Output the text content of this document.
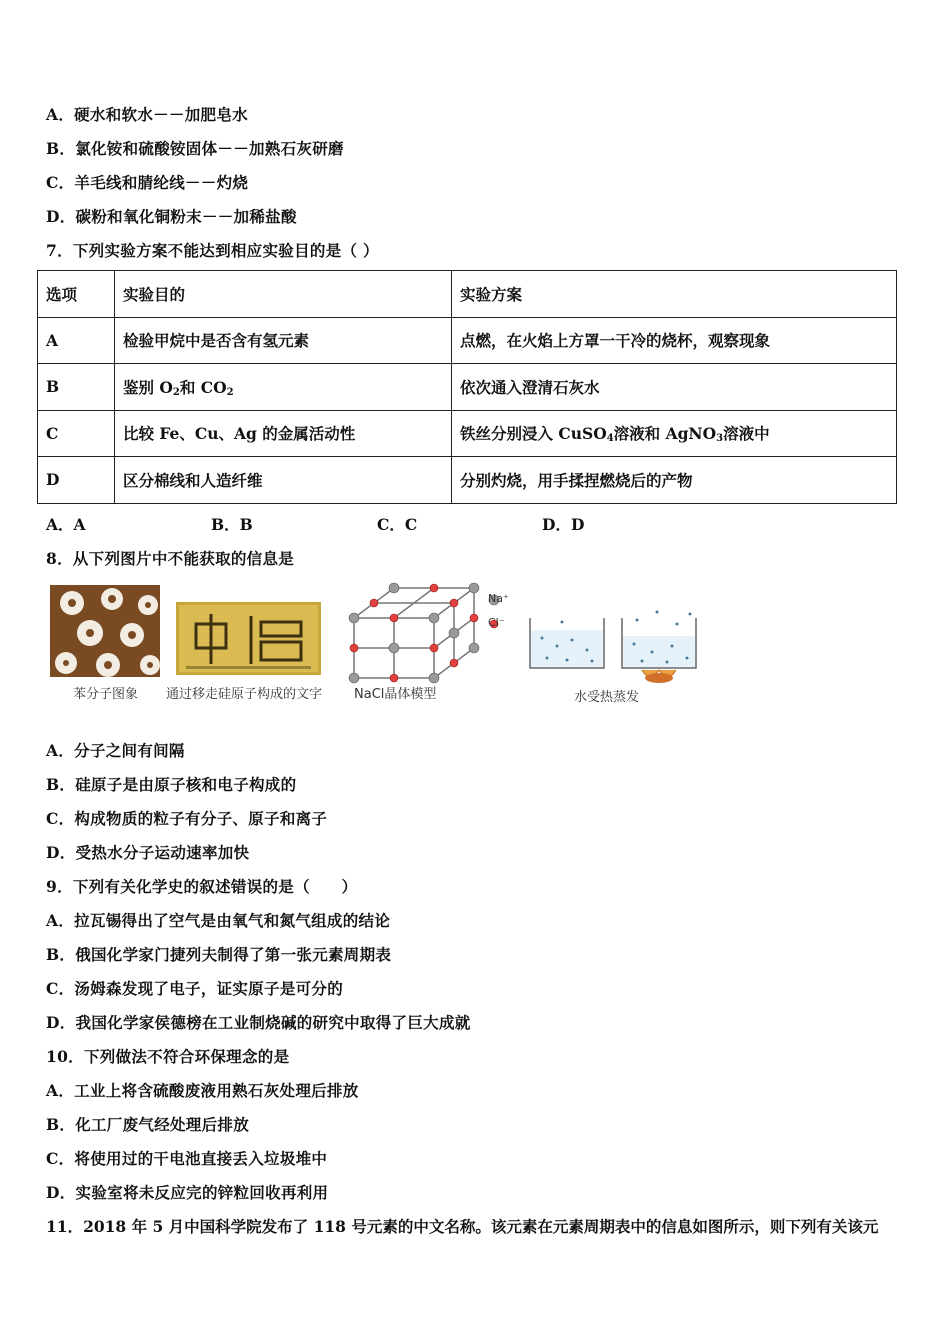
A．硬水和软水－－加肥皂水
B．氯化铵和硫酸铵固体－－加熟石灰研磨
C．羊毛线和腈纶线－－灼烧
D．碳粉和氧化铜粉末－－加稀盐酸
7．下列实验方案不能达到相应实验目的是（ ）
选项	实验目的	实验方案
A	检验甲烷中是否含有氢元素	点燃，在火焰上方罩一干冷的烧杯，观察现象
B	鉴别 $O_2$和 $CO_2$	依次通入澄清石灰水
C	比较 Fe、Cu、Ag 的金属活动性	铁丝分别浸入 CuSO$_4$溶液和 AgNO$_3$溶液中
D	区分棉线和人造纤维	分别灼烧，用手揉捏燃烧后的产物
A．A	B．B	C．C	D．D
8．从下列图片中不能获取的信息是
苯分子图象 通过移走硅原子构成的文字
Na⁺
Cl⁻
NaCl晶体模型	水受热蒸发
A．分子之间有间隔
B．硅原子是由原子核和电子构成的
C．构成物质的粒子有分子、原子和离子
D．受热水分子运动速率加快
9．下列有关化学史的叙述错误的是（　　）
A．拉瓦锡得出了空气是由氧气和氮气组成的结论
B．俄国化学家门捷列夫制得了第一张元素周期表
C．汤姆森发现了电子，证实原子是可分的
D．我国化学家侯德榜在工业制烧碱的研究中取得了巨大成就
10．下列做法不符合环保理念的是
A．工业上将含硫酸废液用熟石灰处理后排放
B．化工厂废气经处理后排放
C．将使用过的干电池直接丢入垃圾堆中
D．实验室将未反应完的锌粒回收再利用
11．2018 年 5 月中国科学院发布了 118 号元素的中文名称。该元素在元素周期表中的信息如图所示，则下列有关该元
